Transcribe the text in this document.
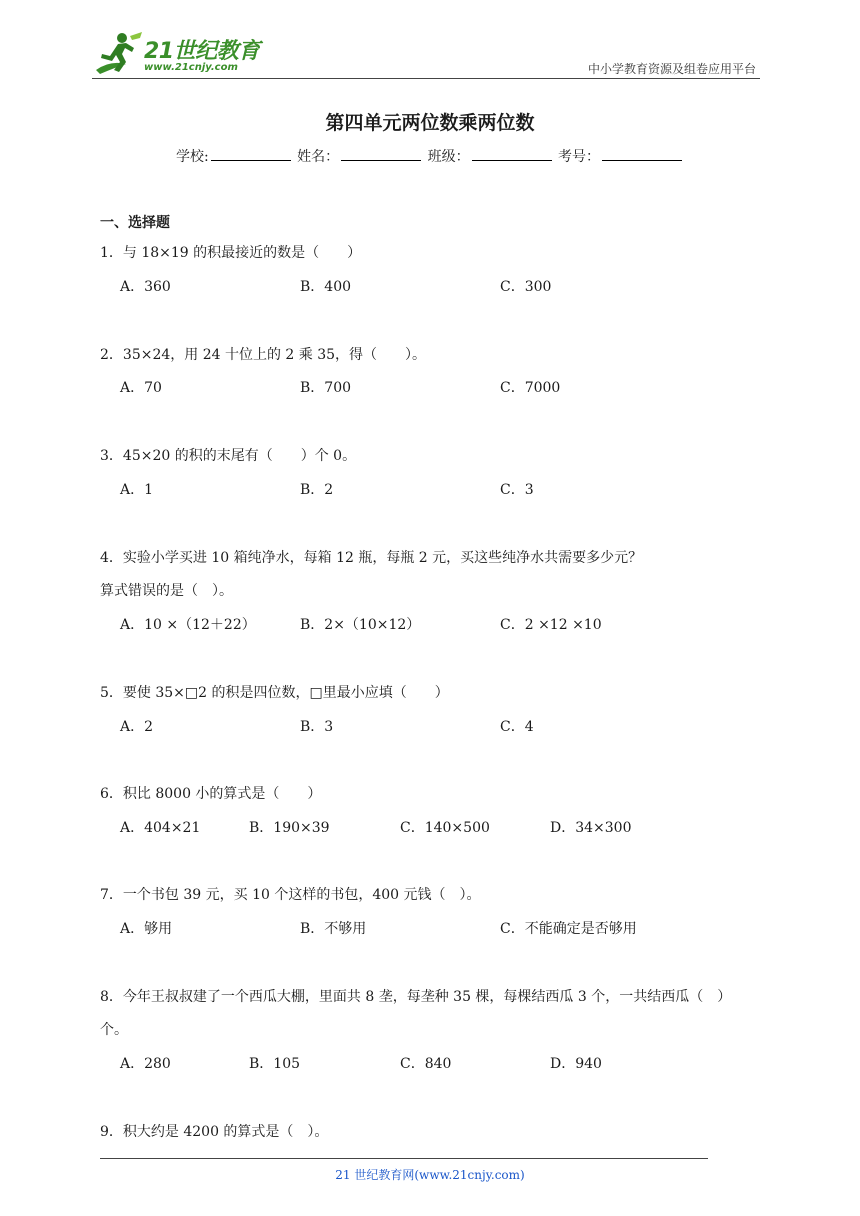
21世纪教育
www.21cnjy.com	中小学教育资源及组卷应用平台
第四单元两位数乘两位数
学校:	姓名：	班级：	考号：
一、选择题
1．与 18×19 的积最接近的数是（　　）
A．360	B．400	C．300
2．35×24，用 24 十位上的 2 乘 35，得（　　）。
A．70	B．700	C．7000
3．45×20 的积的末尾有（　　）个 0。
A．1	B．2	C．3
4．实验小学买进 10 箱纯净水，每箱 12 瓶，每瓶 2 元，买这些纯净水共需要多少元？
算式错误的是（　）。
A．10 ×（12＋22）	B．2×（10×12）	C．2 ×12 ×10
5．要使 35×□2 的积是四位数，□里最小应填（　　）
A．2	B．3	C．4
6．积比 8000 小的算式是（　　）
A．404×21	B．190×39	C．140×500	D．34×300
7．一个书包 39 元，买 10 个这样的书包，400 元钱（　）。
A．够用	B．不够用	C．不能确定是否够用
8．今年王叔叔建了一个西瓜大棚，里面共 8 垄，每垄种 35 棵，每棵结西瓜 3 个，一共结西瓜（　）
个。
A．280	B．105	C．840	D．940
9．积大约是 4200 的算式是（　）。
21 世纪教育网(www.21cnjy.com)
